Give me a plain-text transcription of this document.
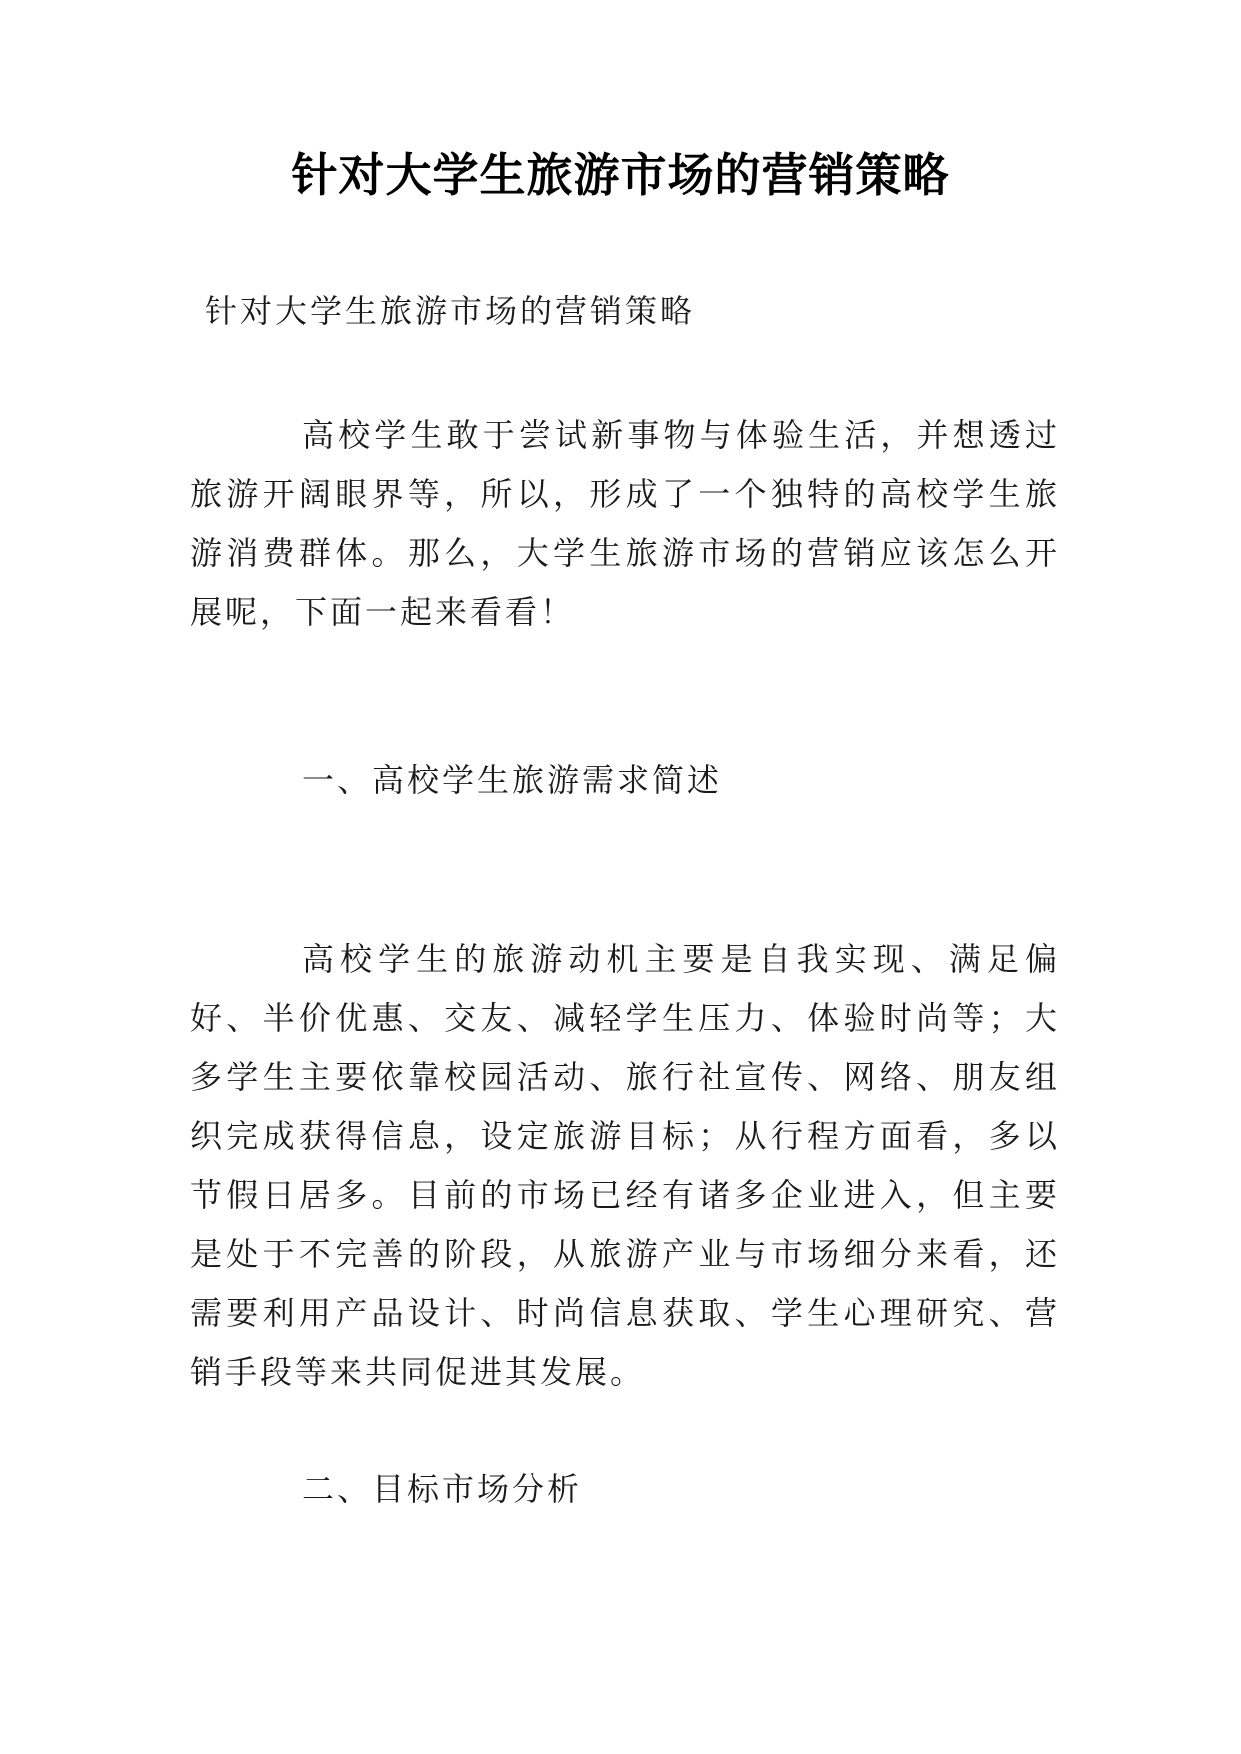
针对大学生旅游市场的营销策略

针对大学生旅游市场的营销策略

高校学生敢于尝试新事物与体验生活，并想透过旅游开阔眼界等，所以，形成了一个独特的高校学生旅游消费群体。那么，大学生旅游市场的营销应该怎么开展呢，下面一起来看看！

一、高校学生旅游需求简述

高校学生的旅游动机主要是自我实现、满足偏好、半价优惠、交友、减轻学生压力、体验时尚等；大多学生主要依靠校园活动、旅行社宣传、网络、朋友组织完成获得信息，设定旅游目标；从行程方面看，多以节假日居多。目前的市场已经有诸多企业进入，但主要是处于不完善的阶段，从旅游产业与市场细分来看，还需要利用产品设计、时尚信息获取、学生心理研究、营销手段等来共同促进其发展。

二、目标市场分析
